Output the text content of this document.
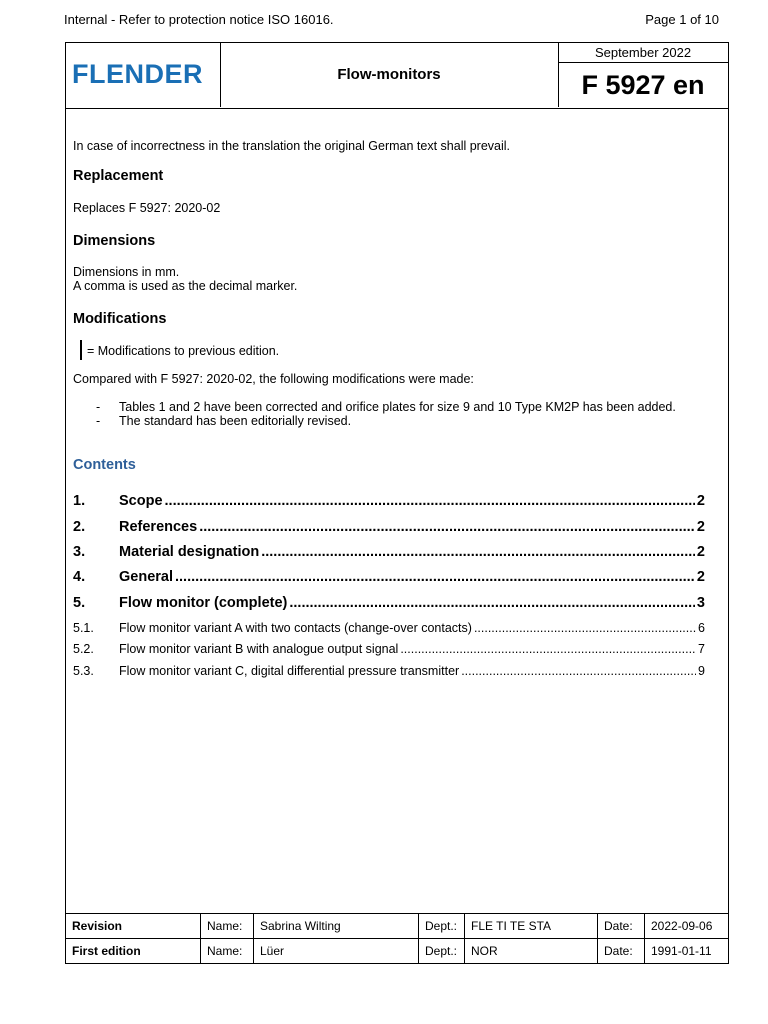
Internal - Refer to protection notice ISO 16016.	Page 1 of 10
FLENDER	Flow-monitors
September 2022
F 5927 en
In case of incorrectness in the translation the original German text shall prevail.
Replacement
Replaces F 5927: 2020-02
Dimensions
Dimensions in mm.
A comma is used as the decimal marker.
Modifications
= Modifications to previous edition.
Compared with F 5927: 2020-02, the following modifications were made:
- Tables 1 and 2 have been corrected and orifice plates for size 9 and 10 Type KM2P has been added.
- The standard has been editorially revised.
Contents
1.	Scope .....	2
2.	References .....	2
3.	Material designation .....	2
4.	General .....	2
5.	Flow monitor (complete) .....	3
5.1.	Flow monitor variant A with two contacts (change-over contacts) .....	6
5.2.	Flow monitor variant B with analogue output signal .....	7
5.3.	Flow monitor variant C, digital differential pressure transmitter .....	9
Revision	Name:	Sabrina Wilting	Dept.:	FLE TI TE STA	Date:	2022-09-06
First edition	Name:	Lüer	Dept.:	NOR	Date:	1991-01-11
